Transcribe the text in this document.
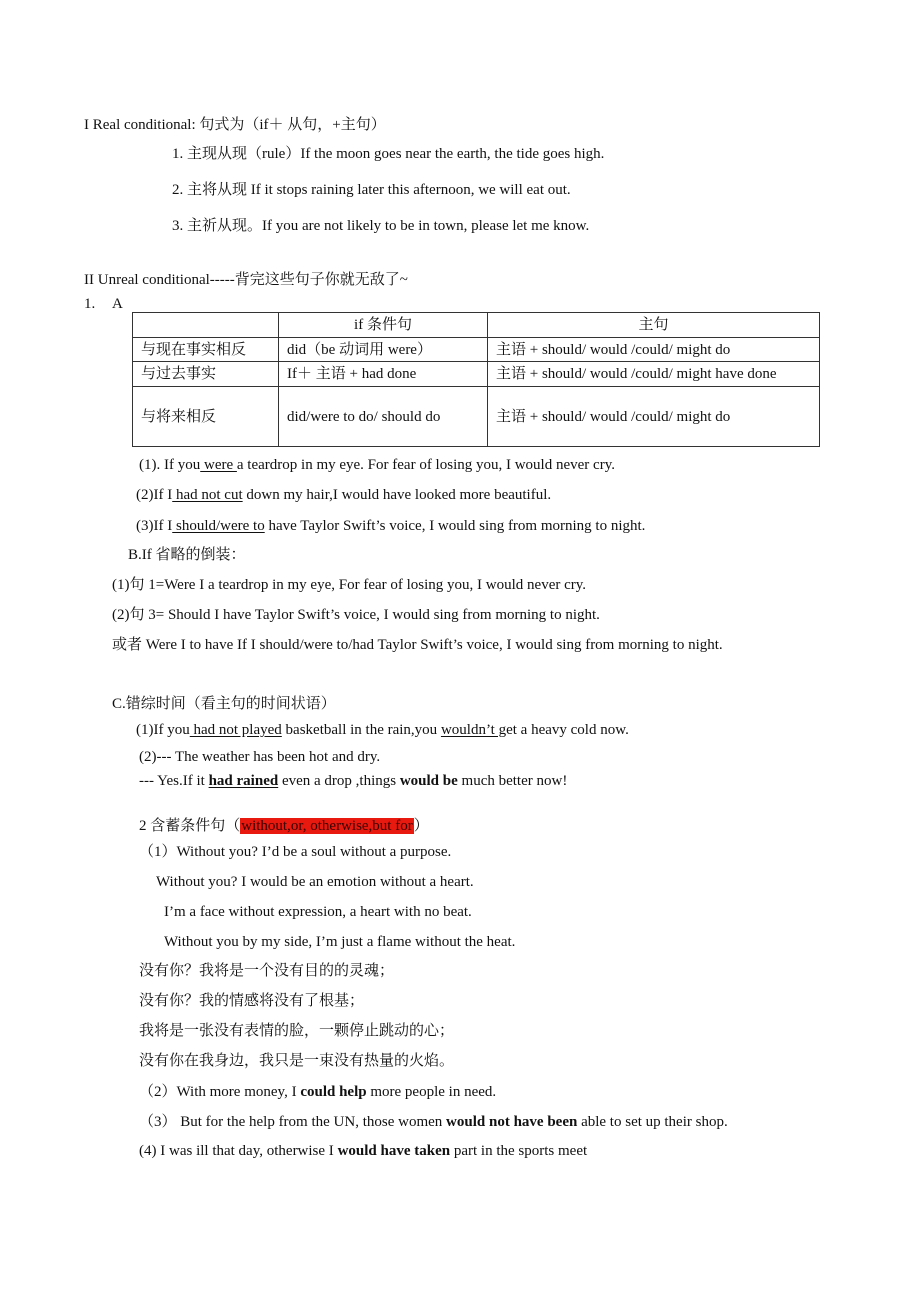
I Real conditional: 句式为（if＋ 从句，+主句）
1. 主现从现（rule）If the moon goes near the earth, the tide goes high.
2. 主将从现 If it stops raining later this afternoon, we will eat out.
3. 主祈从现。If you are not likely to be in town, please let me know.
II Unreal conditional-----背完这些句子你就无敌了~
1. A
	if 条件句	主句
与现在事实相反	did（be 动词用 were）	主语 + should/ would /could/ might do
与过去事实	If＋ 主语 + had done	主语 + should/ would /could/ might have done
与将来相反	did/were to do/ should do	主语 + should/ would /could/ might do
(1). If you were a teardrop in my eye. For fear of losing you, I would never cry.
(2)If I had not cut down my hair,I would have looked more beautiful.
(3)If I should/were to have Taylor Swift’s voice, I would sing from morning to night.
B.If 省略的倒装：
(1)句 1=Were I a teardrop in my eye, For fear of losing you, I would never cry.
(2)句 3= Should I have Taylor Swift’s voice, I would sing from morning to night.
或者 Were I to have If I should/were to/had Taylor Swift’s voice, I would sing from morning to night.
C.错综时间（看主句的时间状语）
(1)If you had not played basketball in the rain,you wouldn’t get a heavy cold now.
(2)--- The weather has been hot and dry.
--- Yes.If it had rained even a drop ,things would be much better now!
2 含蓄条件句（without,or, otherwise,but for）
（1）Without you? I’d be a soul without a purpose.
Without you? I would be an emotion without a heart.
I’m a face without expression, a heart with no beat.
Without you by my side, I’m just a flame without the heat.
没有你？我将是一个没有目的的灵魂；
没有你？我的情感将没有了根基；
我将是一张没有表情的脸，一颗停止跳动的心；
没有你在我身边，我只是一束没有热量的火焰。
（2）With more money, I could help more people in need.
（3） But for the help from the UN, those women would not have been able to set up their shop.
(4) I was ill that day, otherwise I would have taken part in the sports meet
